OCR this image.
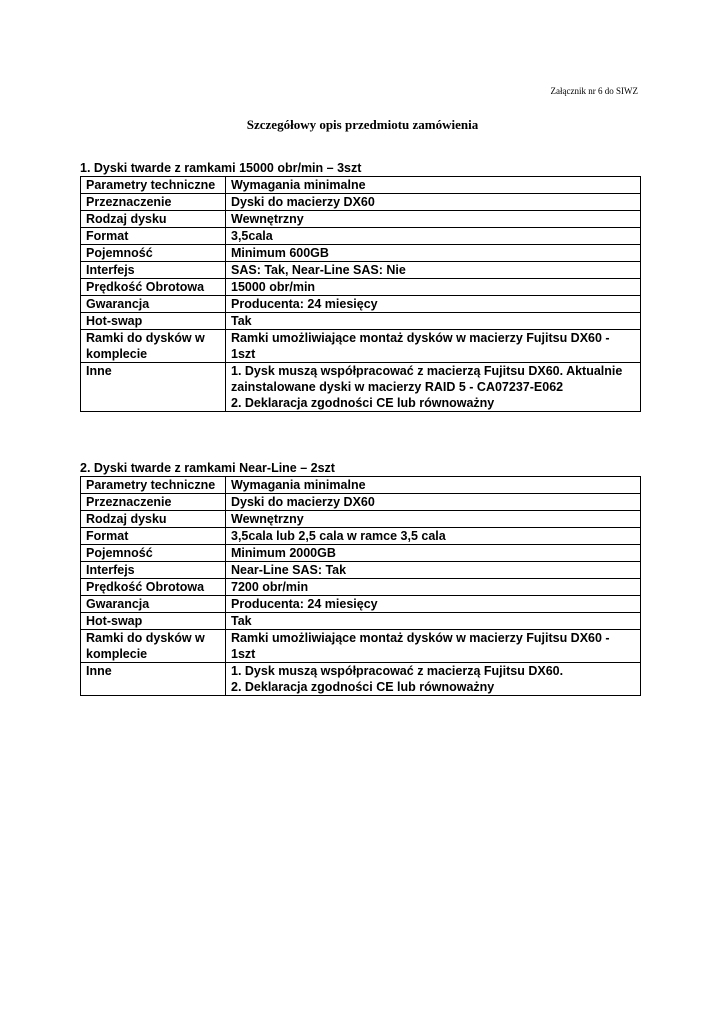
Załącznik nr 6 do SIWZ
Szczegółowy opis przedmiotu zamówienia
1. Dyski twarde z ramkami 15000 obr/min – 3szt
Parametry techniczne	Wymagania minimalne
Przeznaczenie	Dyski do macierzy DX60
Rodzaj dysku	Wewnętrzny
Format	3,5cala
Pojemność	Minimum 600GB
Interfejs	SAS: Tak, Near-Line SAS: Nie
Prędkość Obrotowa	15000 obr/min
Gwarancja	Producenta: 24 miesięcy
Hot-swap	Tak
Ramki do dysków w komplecie	Ramki umożliwiające montaż dysków w macierzy Fujitsu DX60 - 1szt
Inne	1. Dysk muszą współpracować z macierzą Fujitsu DX60. Aktualnie zainstalowane dyski w macierzy RAID 5 - CA07237-E062
2. Deklaracja zgodności CE lub równoważny
2. Dyski twarde z ramkami Near-Line – 2szt
Parametry techniczne	Wymagania minimalne
Przeznaczenie	Dyski do macierzy DX60
Rodzaj dysku	Wewnętrzny
Format	3,5cala lub 2,5 cala w ramce 3,5 cala
Pojemność	Minimum 2000GB
Interfejs	Near-Line SAS: Tak
Prędkość Obrotowa	7200 obr/min
Gwarancja	Producenta: 24 miesięcy
Hot-swap	Tak
Ramki do dysków w komplecie	Ramki umożliwiające montaż dysków w macierzy Fujitsu DX60 - 1szt
Inne	1. Dysk muszą współpracować z macierzą Fujitsu DX60.
2. Deklaracja zgodności CE lub równoważny
